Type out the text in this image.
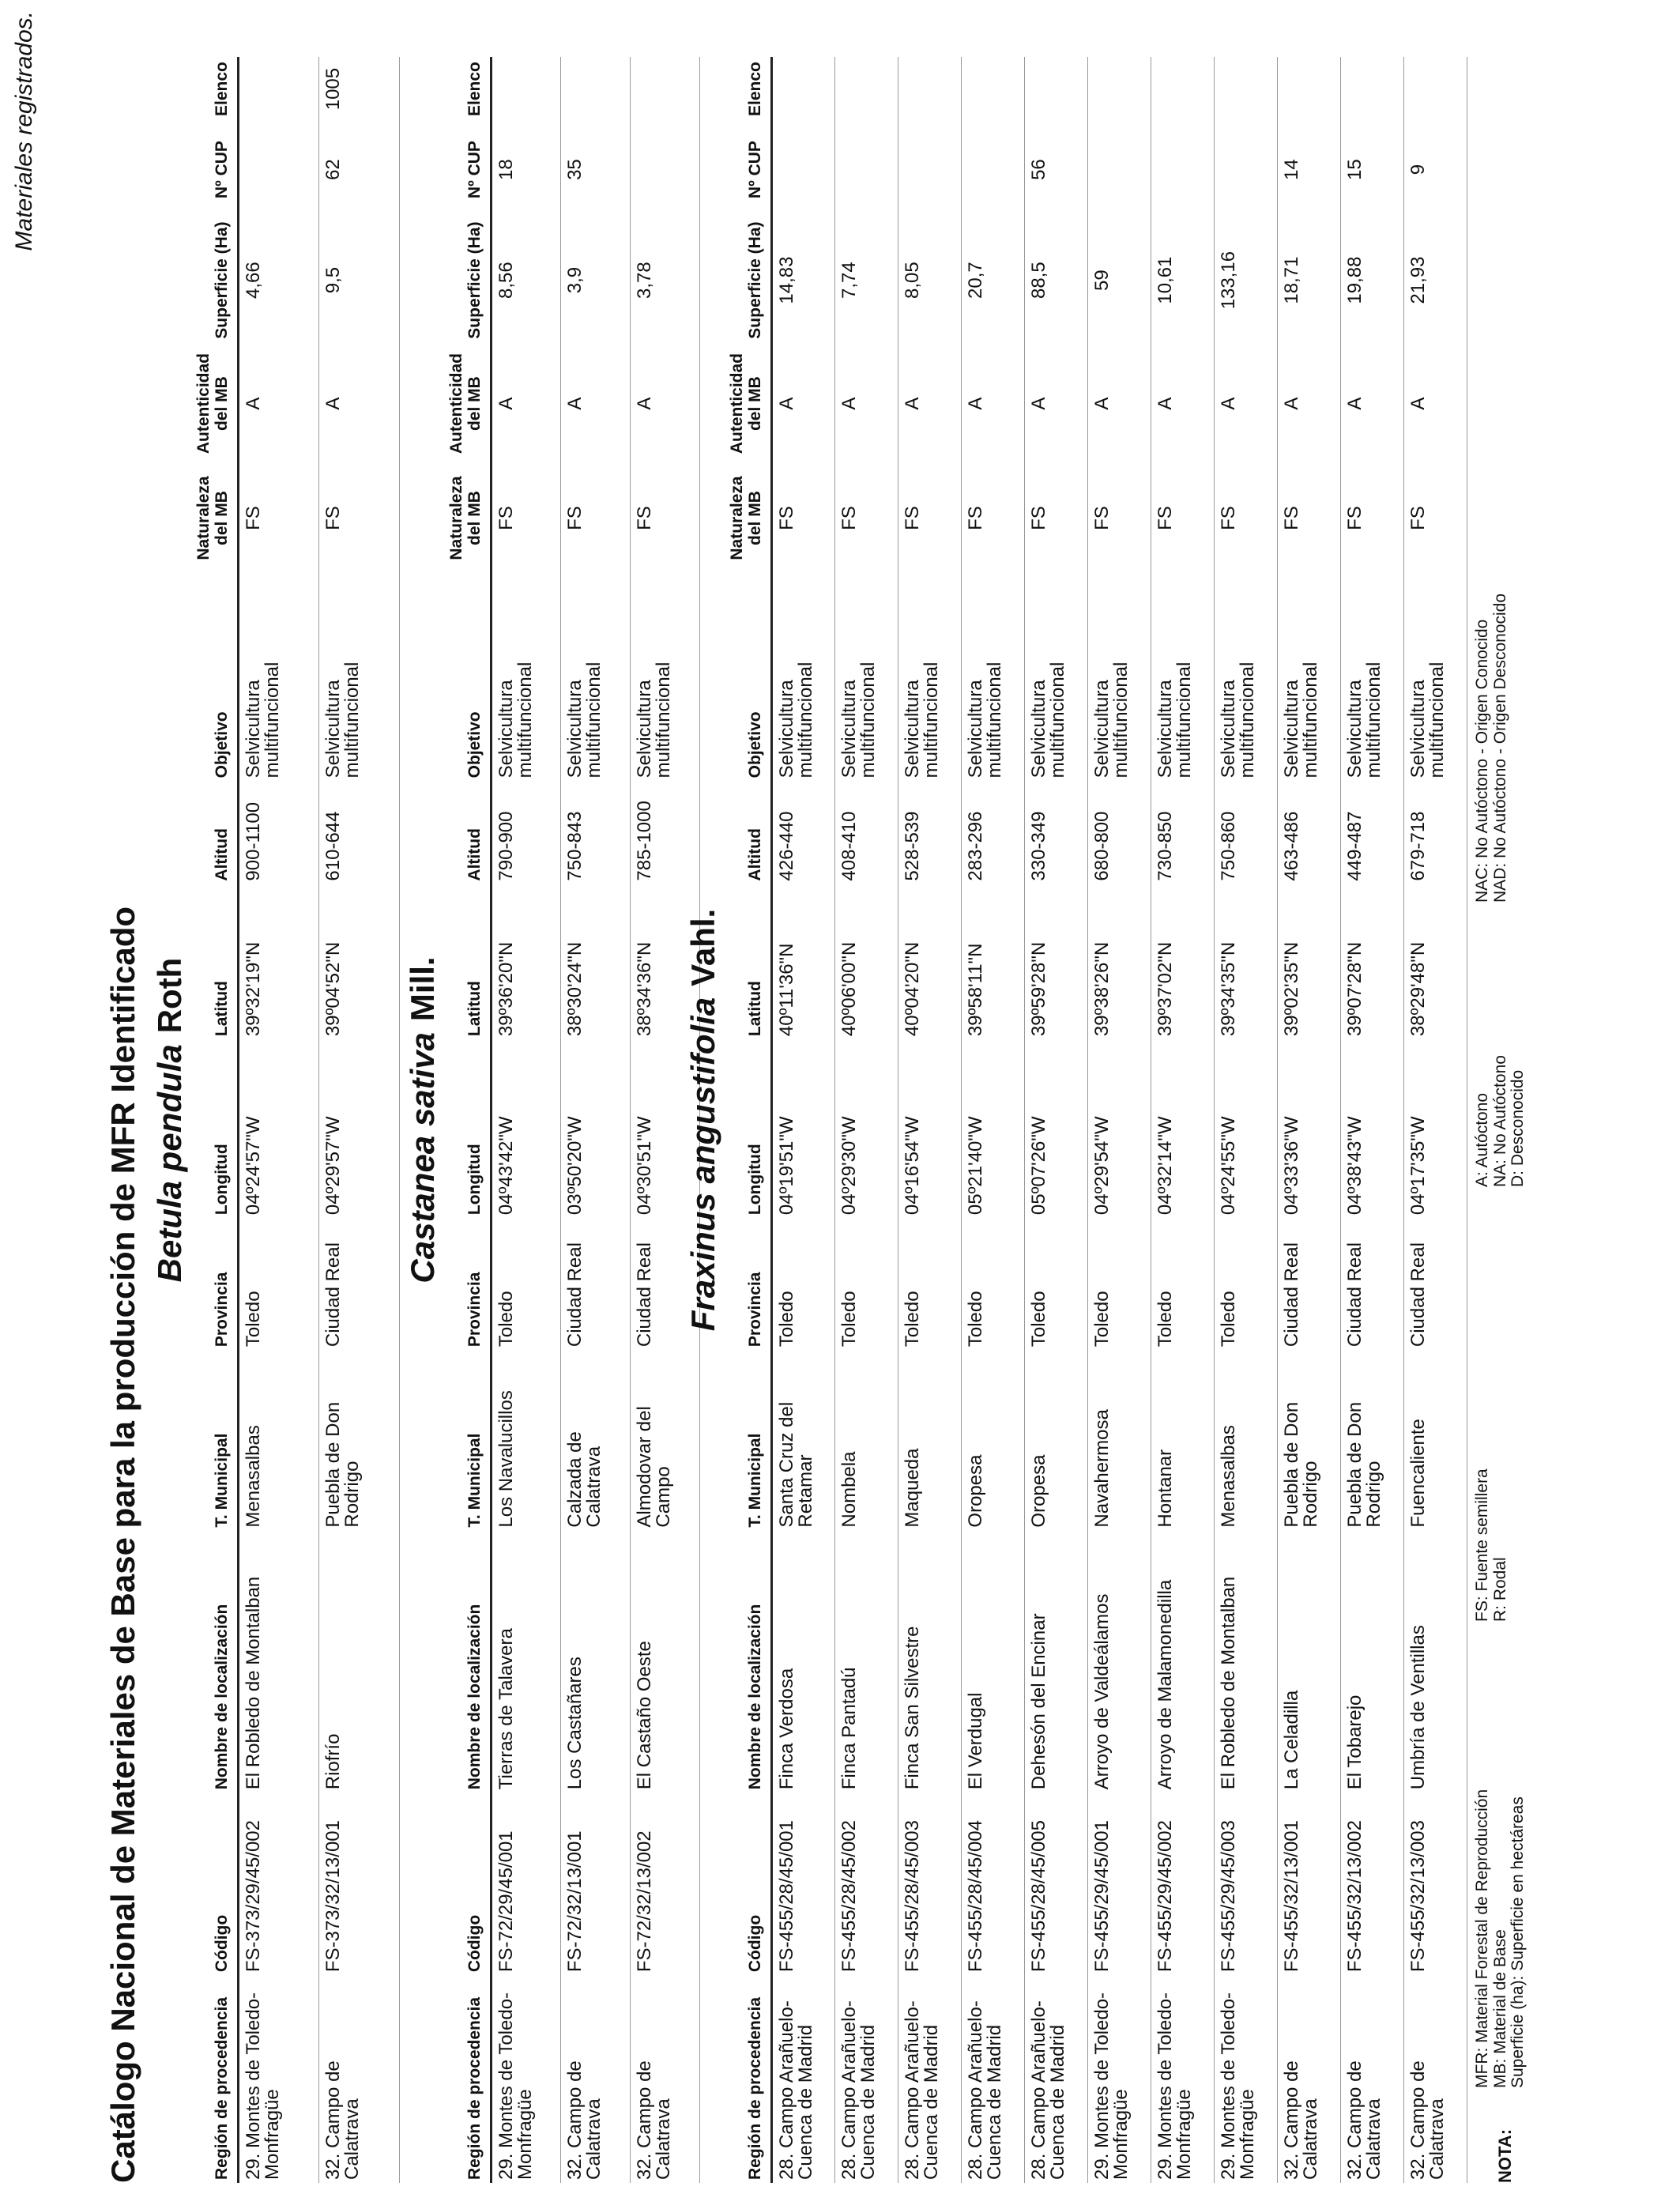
Catálogo Nacional de Materiales de Base para la producción de MFR Identificado
Materiales registrados.
Betula pendulaRoth
Región de procedencia	Código	Nombre de localización	T. Municipal	Provincia	Longitud	Latitud	Altitud	Objetivo	Naturaleza del MB	Autenticidad del MB	Superficie (Ha)	Nº CUP	Elenco
29. Montes de Toledo-Monfragüe	FS-373/29/45/002	El Robledo de Montalban	Menasalbas	Toledo	04º24'57"W	39º32'19"N	900-1100	Selvicultura multifuncional	FS	A	4,66		
32. Campo de Calatrava	FS-373/32/13/001	Riofrío	Puebla de Don Rodrigo	Ciudad Real	04º29'57"W	39º04'52"N	610-644	Selvicultura multifuncional	FS	A	9,5	62	1005
Castanea sativaMill.
Región de procedencia	Código	Nombre de localización	T. Municipal	Provincia	Longitud	Latitud	Altitud	Objetivo	Naturaleza del MB	Autenticidad del MB	Superficie (Ha)	Nº CUP	Elenco
29. Montes de Toledo-Monfragüe	FS-72/29/45/001	Tierras de Talavera	Los Navalucillos	Toledo	04º43'42"W	39º36'20"N	790-900	Selvicultura multifuncional	FS	A	8,56	18	
32. Campo de Calatrava	FS-72/32/13/001	Los Castañares	Calzada de Calatrava	Ciudad Real	03º50'20"W	38º30'24"N	750-843	Selvicultura multifuncional	FS	A	3,9	35	
32. Campo de Calatrava	FS-72/32/13/002	El Castaño Oeste	Almodovar del Campo	Ciudad Real	04º30'51"W	38º34'36"N	785-1000	Selvicultura multifuncional	FS	A	3,78		
Fraxinus angustifoliaVahl.
Región de procedencia	Código	Nombre de localización	T. Municipal	Provincia	Longitud	Latitud	Altitud	Objetivo	Naturaleza del MB	Autenticidad del MB	Superficie (Ha)	Nº CUP	Elenco
28. Campo Arañuelo-Cuenca de Madrid	FS-455/28/45/001	Finca Verdosa	Santa Cruz del Retamar	Toledo	04º19'51"W	40º11'36"N	426-440	Selvicultura multifuncional	FS	A	14,83		
28. Campo Arañuelo-Cuenca de Madrid	FS-455/28/45/002	Finca Pantadú	Nombela	Toledo	04º29'30"W	40º06'00"N	408-410	Selvicultura multifuncional	FS	A	7,74		
28. Campo Arañuelo-Cuenca de Madrid	FS-455/28/45/003	Finca San Silvestre	Maqueda	Toledo	04º16'54"W	40º04'20"N	528-539	Selvicultura multifuncional	FS	A	8,05		
28. Campo Arañuelo-Cuenca de Madrid	FS-455/28/45/004	El Verdugal	Oropesa	Toledo	05º21'40"W	39º58'11"N	283-296	Selvicultura multifuncional	FS	A	20,7		
28. Campo Arañuelo-Cuenca de Madrid	FS-455/28/45/005	Dehesón del Encinar	Oropesa	Toledo	05º07'26"W	39º59'28"N	330-349	Selvicultura multifuncional	FS	A	88,5	56	
29. Montes de Toledo-Monfragüe	FS-455/29/45/001	Arroyo de Valdeálamos	Navahermosa	Toledo	04º29'54"W	39º38'26"N	680-800	Selvicultura multifuncional	FS	A	59		
29. Montes de Toledo-Monfragüe	FS-455/29/45/002	Arroyo de Malamonedilla	Hontanar	Toledo	04º32'14"W	39º37'02"N	730-850	Selvicultura multifuncional	FS	A	10,61		
29. Montes de Toledo-Monfragüe	FS-455/29/45/003	El Robledo de Montalban	Menasalbas	Toledo	04º24'55"W	39º34'35"N	750-860	Selvicultura multifuncional	FS	A	133,16		
32. Campo de Calatrava	FS-455/32/13/001	La Celadilla	Puebla de Don Rodrigo	Ciudad Real	04º33'36"W	39º02'35"N	463-486	Selvicultura multifuncional	FS	A	18,71	14	
32. Campo de Calatrava	FS-455/32/13/002	El Tobarejo	Puebla de Don Rodrigo	Ciudad Real	04º38'43"W	39º07'28"N	449-487	Selvicultura multifuncional	FS	A	19,88	15	
32. Campo de Calatrava	FS-455/32/13/003	Umbría de Ventillas	Fuencaliente	Ciudad Real	04º17'35"W	38º29'48"N	679-718	Selvicultura multifuncional	FS	A	21,93	9	
NOTA:
MFR: Material Forestal de Reproducción MB: Material de Base Superficie (ha): Superficie en hectáreas
FS: Fuente semillera R: Rodal
A: Autóctono NA: No Autóctono D: Desconocido
NAC: No Autóctono - Origen Conocido NAD: No Autóctono - Origen Desconocido
